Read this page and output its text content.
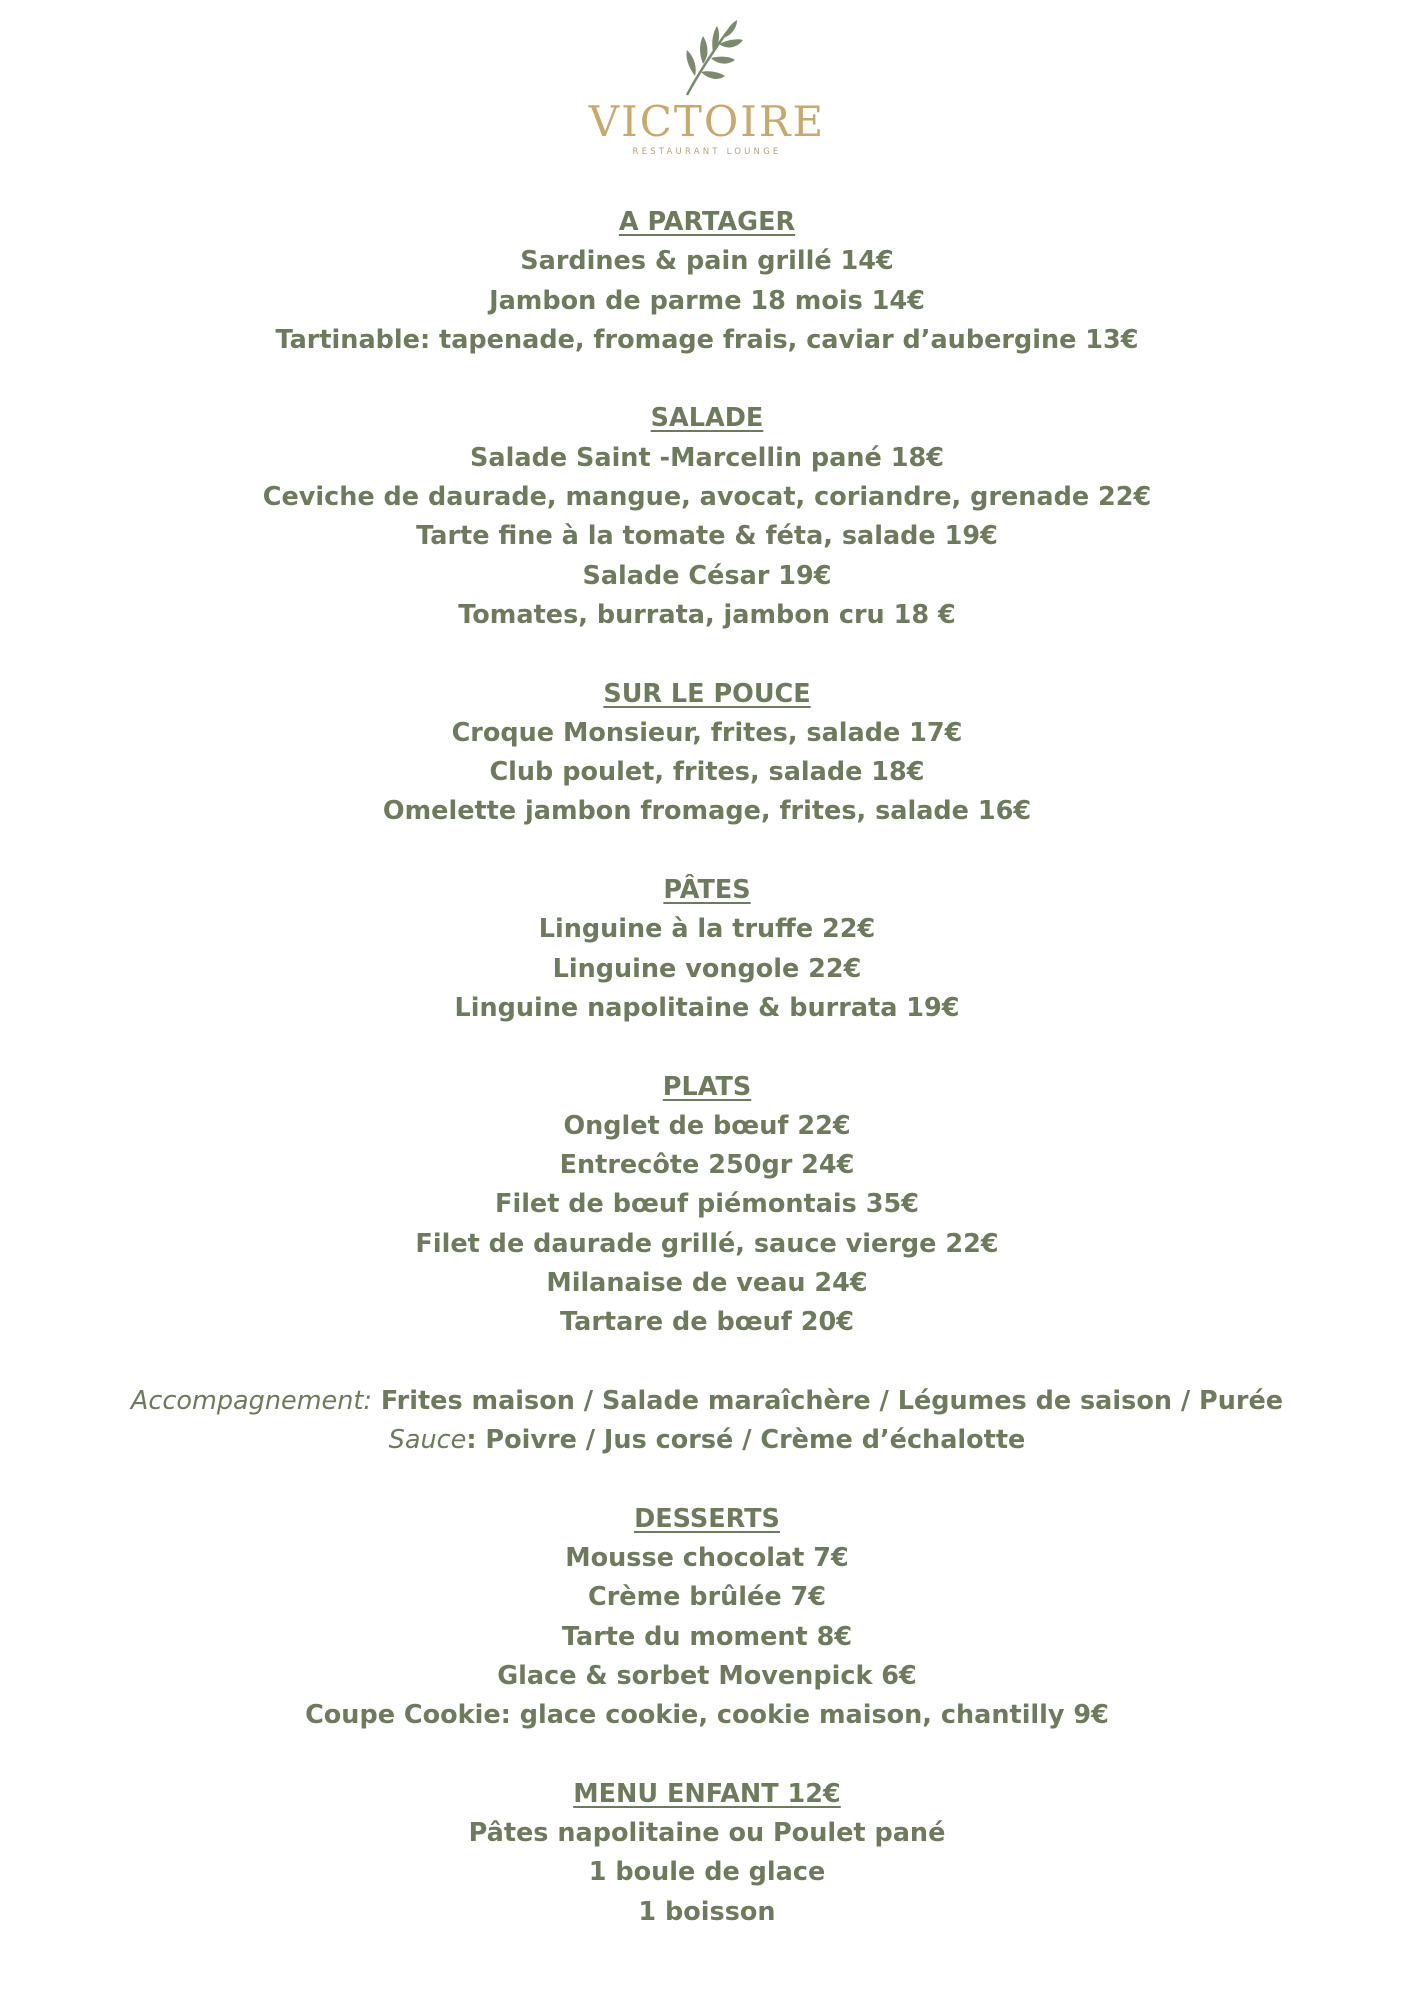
VICTOIRE
RESTAURANT LOUNGE
A PARTAGER
Sardines & pain grillé 14€
Jambon de parme 18 mois 14€
Tartinable: tapenade, fromage frais, caviar d’aubergine 13€
SALADE
Salade Saint -Marcellin pané 18€
Ceviche de daurade, mangue, avocat, coriandre, grenade 22€
Tarte fine à la tomate & féta, salade 19€
Salade César 19€
Tomates, burrata, jambon cru 18 €
SUR LE POUCE
Croque Monsieur, frites, salade 17€
Club poulet, frites, salade 18€
Omelette jambon fromage, frites, salade 16€
PÂTES
Linguine à la truffe 22€
Linguine vongole 22€
Linguine napolitaine & burrata 19€
PLATS
Onglet de bœuf 22€
Entrecôte 250gr 24€
Filet de bœuf piémontais 35€
Filet de daurade grillé, sauce vierge 22€
Milanaise de veau 24€
Tartare de bœuf 20€
Accompagnement: Frites maison / Salade maraîchère / Légumes de saison / Purée
Sauce: Poivre / Jus corsé / Crème d’échalotte
DESSERTS
Mousse chocolat 7€
Crème brûlée 7€
Tarte du moment 8€
Glace & sorbet Movenpick 6€
Coupe Cookie: glace cookie, cookie maison, chantilly 9€
MENU ENFANT 12€
Pâtes napolitaine ou Poulet pané
1 boule de glace
1 boisson
